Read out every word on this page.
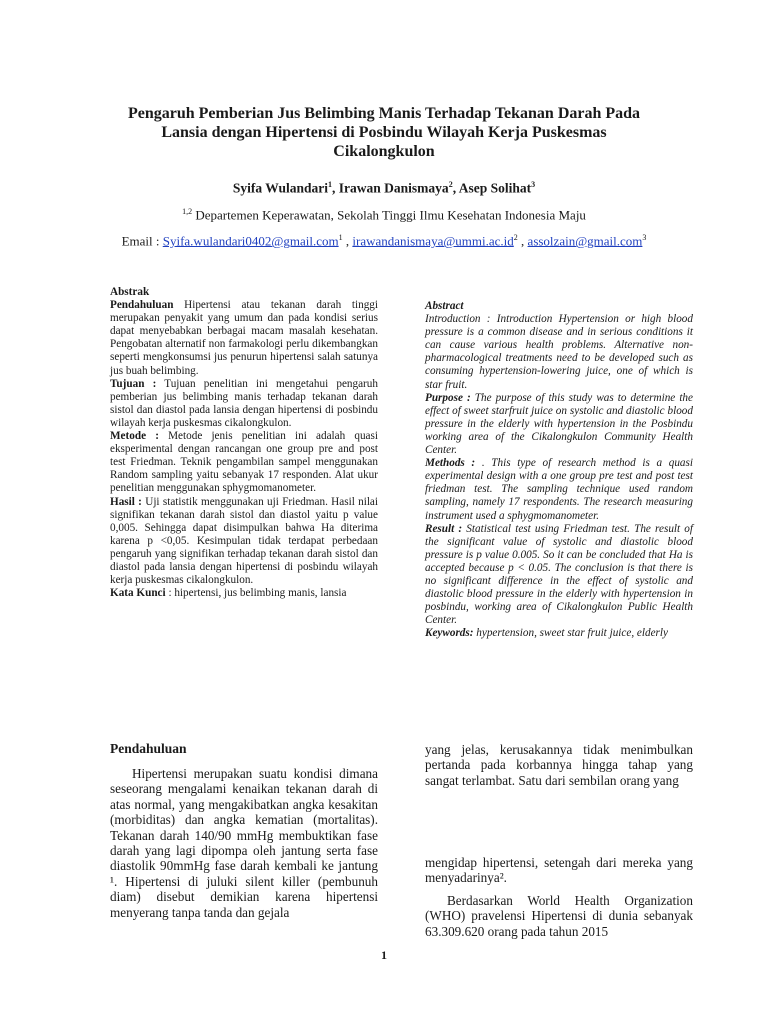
Pengaruh Pemberian Jus Belimbing Manis Terhadap Tekanan Darah Pada Lansia dengan Hipertensi di Posbindu Wilayah Kerja Puskesmas Cikalongkulon
Syifa Wulandari$^1$, Irawan Danismaya$^2$, Asep Solihat$^3$
$^{1,2}$ Departemen Keperawatan, Sekolah Tinggi Ilmu Kesehatan Indonesia Maju
Email : Syifa.wulandari0402@gmail.com$^1$ , $irawandanismaya@ummi.ac.id^2$ , assolzain@gmail.com$^3$

Abstrak

Pendahuluan Hipertensi atau tekanan darah tinggi merupakan penyakit yang umum dan pada kondisi serius dapat menyebabkan berbagai macam masalah kesehatan. Pengobatan alternatif non farmakologi perlu dikembangkan seperti mengkonsumsi jus penurun hipertensi salah satunya jus buah belimbing.

Tujuan : Tujuan penelitian ini mengetahui pengaruh pemberian jus belimbing manis terhadap tekanan darah sistol dan diastol pada lansia dengan hipertensi di posbindu wilayah kerja puskesmas cikalongkulon.

Metode : Metode jenis penelitian ini adalah quasi eksperimental dengan rancangan one group pre and post test Friedman. Teknik pengambilan sampel menggunakan Random sampling yaitu sebanyak 17 responden. Alat ukur penelitian menggunakan sphygmomanometer.

Hasil : Uji statistik menggunakan uji Friedman. Hasil nilai signifikan tekanan darah sistol dan diastol yaitu p value 0,005. Sehingga dapat disimpulkan bahwa Ha diterima karena p <0,05. Kesimpulan tidak terdapat perbedaan pengaruh yang signifikan terhadap tekanan darah sistol dan diastol pada lansia dengan hipertensi di posbindu wilayah kerja puskesmas cikalongkulon.

Kata Kunci : hipertensi, jus belimbing manis, lansia

Abstract

Introduction : Introduction Hypertension or high blood pressure is a common disease and in serious conditions it can cause various health problems. Alternative non-pharmacological treatments need to be developed such as consuming hypertension-lowering juice, one of which is star fruit.

Purpose : The purpose of this study was to determine the effect of sweet starfruit juice on systolic and diastolic blood pressure in the elderly with hypertension in the Posbindu working area of the Cikalongkulon Community Health Center.

Methods : . This type of research method is a quasi experimental design with a one group pre test and post test friedman test. The sampling technique used random sampling, namely 17 respondents. The research measuring instrument used a sphygmomanometer.

Result : Statistical test using Friedman test. The result of the significant value of systolic and diastolic blood pressure is p value 0.005. So it can be concluded that Ha is accepted because p < 0.05. The conclusion is that there is no significant difference in the effect of systolic and diastolic blood pressure in the elderly with hypertension in posbindu, working area of Cikalongkulon Public Health Center.

Keywords: hypertension, sweet star fruit juice, elderly

Pendahuluan

Hipertensi merupakan suatu kondisi dimana seseorang mengalami kenaikan tekanan darah di atas normal, yang mengakibatkan angka kesakitan (morbiditas) dan angka kematian (mortalitas). Tekanan darah 140/90 mmHg membuktikan fase darah yang lagi dipompa oleh jantung serta fase diastolik 90mmHg fase darah kembali ke jantung ¹. Hipertensi di juluki silent killer (pembunuh diam) disebut demikian karena hipertensi menyerang tanpa tanda dan gejala

yang jelas, kerusakannya tidak menimbulkan pertanda pada korbannya hingga tahap yang sangat terlambat. Satu dari sembilan orang yang

mengidap hipertensi, setengah dari mereka yang menyadarinya².

Berdasarkan World Health Organization (WHO) pravelensi Hipertensi di dunia sebanyak 63.309.620 orang pada tahun 2015

1
